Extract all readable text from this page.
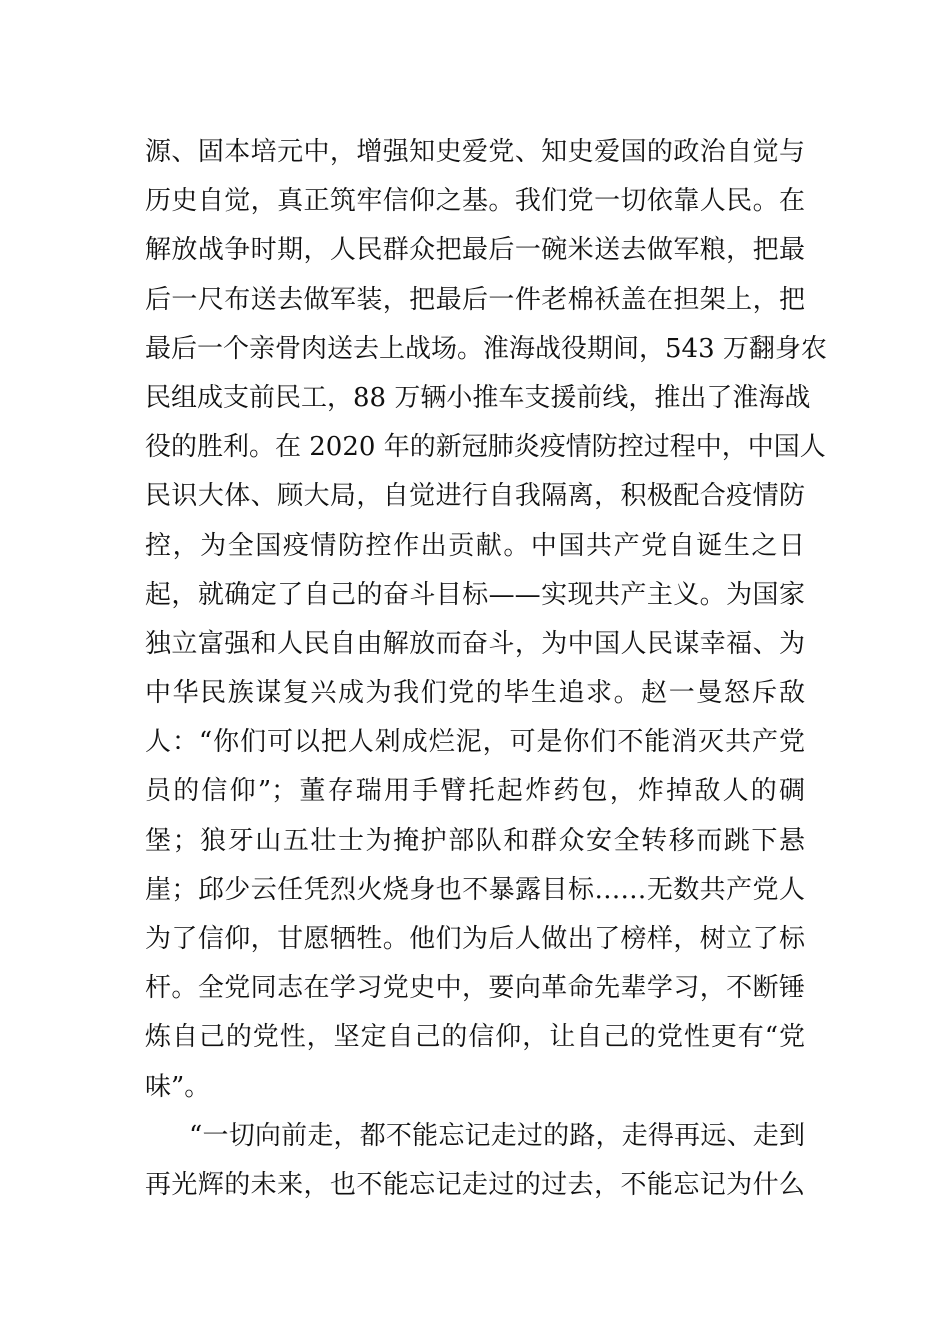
源、固本培元中，增强知史爱党、知史爱国的政治自觉与
历史自觉，真正筑牢信仰之基。我们党一切依靠人民。在
解放战争时期，人民群众把最后一碗米送去做军粮，把最
后一尺布送去做军装，把最后一件老棉袄盖在担架上，把
最后一个亲骨肉送去上战场。淮海战役期间，543 万翻身农
民组成支前民工，88 万辆小推车支援前线，推出了淮海战
役的胜利。在 2020 年的新冠肺炎疫情防控过程中，中国人
民识大体、顾大局，自觉进行自我隔离，积极配合疫情防
控，为全国疫情防控作出贡献。中国共产党自诞生之日
起，就确定了自己的奋斗目标——实现共产主义。为国家
独立富强和人民自由解放而奋斗，为中国人民谋幸福、为
中华民族谋复兴成为我们党的毕生追求。赵一曼怒斥敌
人：“你们可以把人剁成烂泥，可是你们不能消灭共产党
员的信仰”；董存瑞用手臂托起炸药包，炸掉敌人的碉
堡；狼牙山五壮士为掩护部队和群众安全转移而跳下悬
崖；邱少云任凭烈火烧身也不暴露目标……无数共产党人
为了信仰，甘愿牺牲。他们为后人做出了榜样，树立了标
杆。全党同志在学习党史中，要向革命先辈学习，不断锤
炼自己的党性，坚定自己的信仰，让自己的党性更有“党
味”。
“一切向前走，都不能忘记走过的路，走得再远、走到
再光辉的未来，也不能忘记走过的过去，不能忘记为什么
